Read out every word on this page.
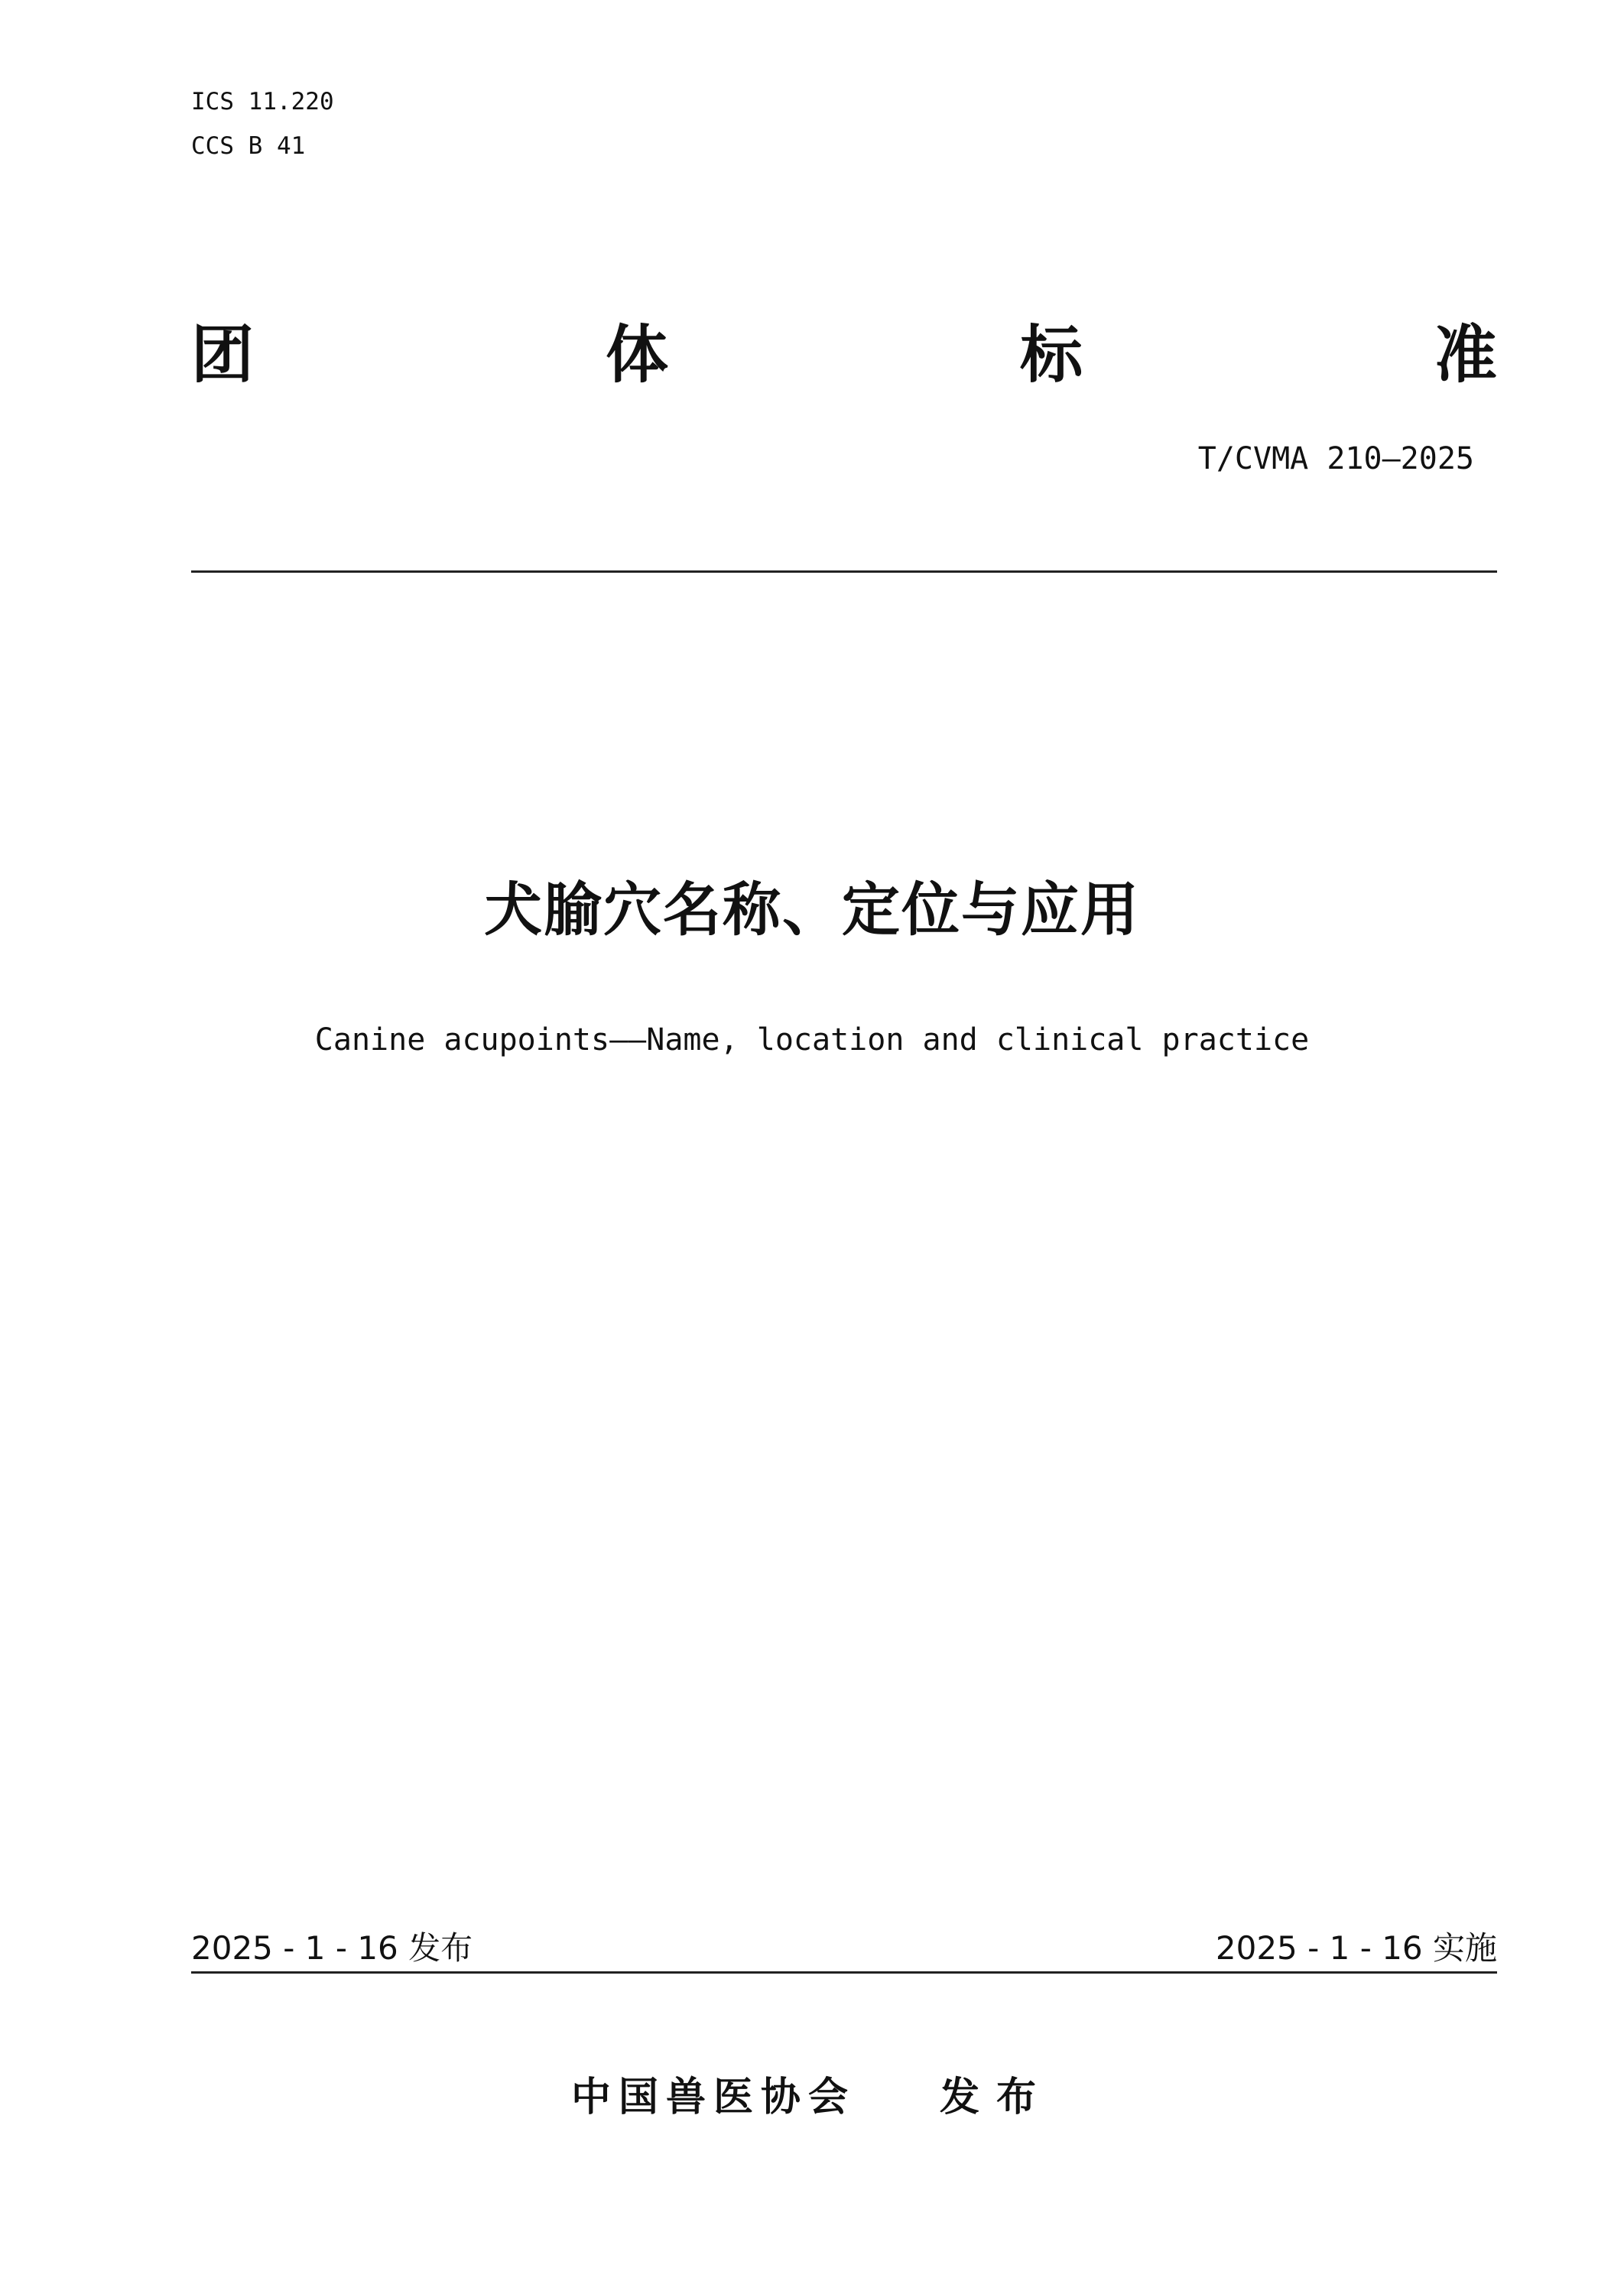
ICS 11.220
CCS B 41
团	体	标	准
T/CVMA 210—2025
犬腧穴名称、定位与应用
Canine acupoints——Name, location and clinical practice
2025 - 1 - 16 发布	2025 - 1 - 16 实施
中国兽医协会 发布
